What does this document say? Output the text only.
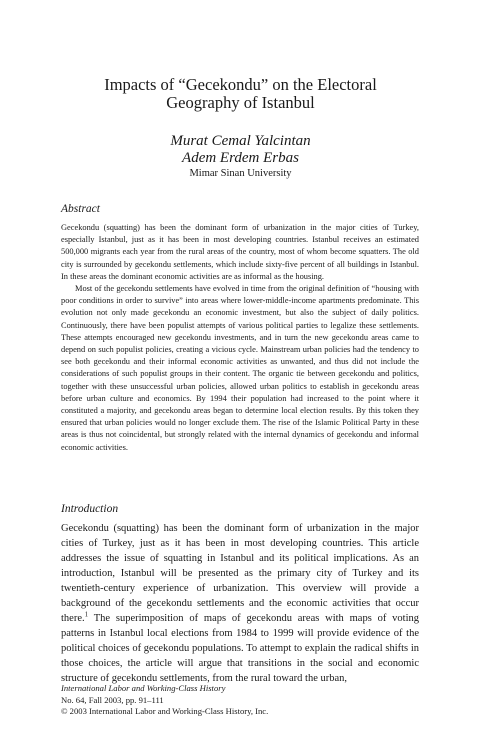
Impacts of “Gecekondu” on the Electoral
Geography of Istanbul
Murat Cemal Yalcintan
Adem Erdem Erbas
Mimar Sinan University
Abstract

Gecekondu (squatting) has been the dominant form of urbanization in the major cities of Turkey, especially Istanbul, just as it has been in most developing countries. Istanbul receives an estimated 500,000 migrants each year from the rural areas of the country, most of whom become squatters. The old city is surrounded by gecekondu settlements, which include sixty-five percent of all buildings in Istanbul. In these areas the dominant economic activities are as informal as the housing.

Most of the gecekondu settlements have evolved in time from the original definition of “housing with poor conditions in order to survive” into areas where lower-middle-income apartments predominate. This evolution not only made gecekondu an economic investment, but also the subject of daily politics. Continuously, there have been populist attempts of various political parties to legalize these settlements. These attempts encouraged new gecekondu investments, and in turn the new gecekondu areas came to depend on such populist policies, creating a vicious cycle. Mainstream urban policies had the tendency to see both gecekondu and their informal economic activities as unwanted, and thus did not include the considerations of such populist groups in their content. The organic tie between gecekondu and politics, together with these unsuccessful urban policies, allowed urban politics to establish in gecekondu areas before urban culture and economics. By 1994 their population had increased to the point where it constituted a majority, and gecekondu areas began to determine local election results. By this token they ensured that urban policies would no longer exclude them. The rise of the Islamic Political Party in these areas is thus not coincidental, but strongly related with the internal dynamics of gecekondu and informal economic activities.

Introduction

Gecekondu (squatting) has been the dominant form of urbanization in the major cities of Turkey, just as it has been in most developing countries. This article addresses the issue of squatting in Istanbul and its political implications. As an introduction, Istanbul will be presented as the primary city of Turkey and its twentieth-century experience of urbanization. This overview will provide a background of the gecekondu settlements and the economic activities that occur there.$^1$ The superimposition of maps of gecekondu areas with maps of voting patterns in Istanbul local elections from 1984 to 1999 will provide evidence of the political choices of gecekondu populations. To attempt to explain the radical shifts in those choices, the article will argue that transitions in the social and economic structure of gecekondu settlements, from the rural toward the urban,

International Labor and Working-Class History
No. 64, Fall 2003, pp. 91–111
© 2003 International Labor and Working-Class History, Inc.
